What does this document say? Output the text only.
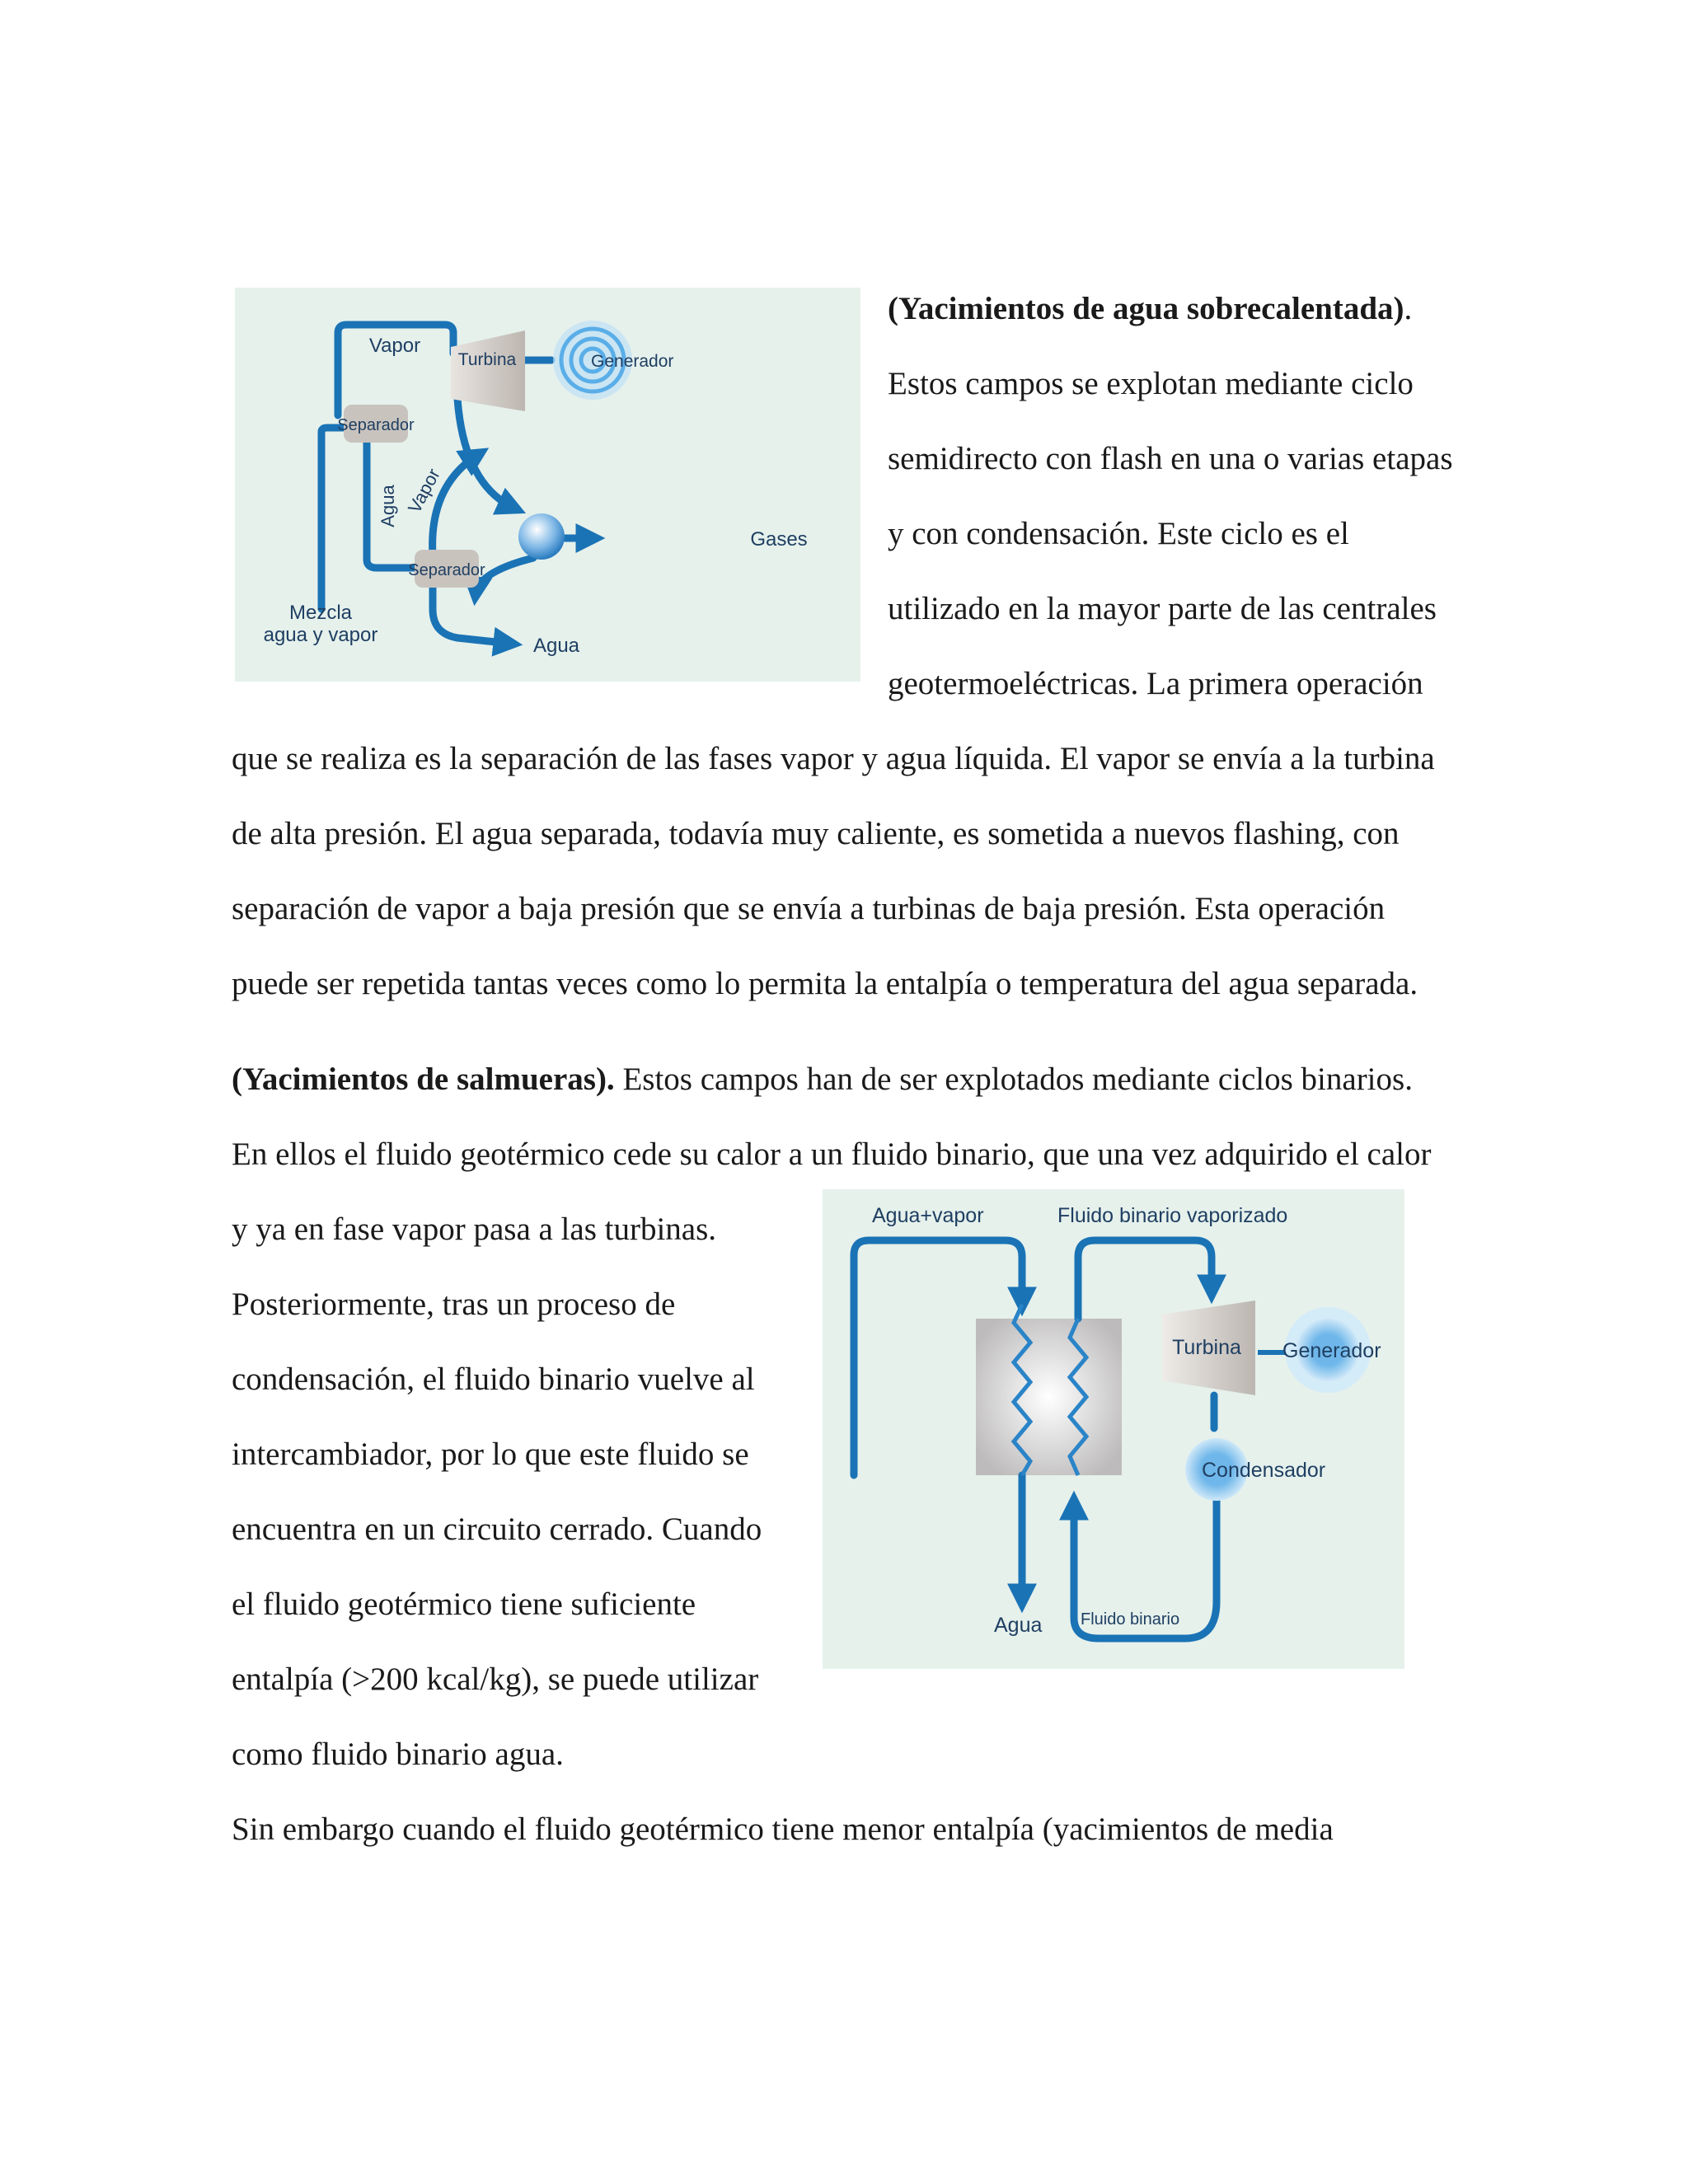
Separador
Separador
Turbina	Generador
Vapor
Agua Vapor
Gases
Mezcla
agua y vapor	Agua

(Yacimientos de agua sobrecalentada).

Estos campos se explotan mediante ciclo

semidirecto con flash en una o varias etapas

y con condensación. Este ciclo es el

utilizado en la mayor parte de las centrales

geotermoeléctricas. La primera operación

que se realiza es la separación de las fases vapor y agua líquida. El vapor se envía a la turbina

de alta presión. El agua separada, todavía muy caliente, es sometida a nuevos flashing, con

separación de vapor a baja presión que se envía a turbinas de baja presión. Esta operación

puede ser repetida tantas veces como lo permita la entalpía o temperatura del agua separada.

(Yacimientos de salmueras). Estos campos han de ser explotados mediante ciclos binarios.

En ellos el fluido geotérmico cede su calor a un fluido binario, que una vez adquirido el calor

y ya en fase vapor pasa a las turbinas.

Posteriormente, tras un proceso de

condensación, el fluido binario vuelve al

intercambiador, por lo que este fluido se

encuentra en un circuito cerrado. Cuando

el fluido geotérmico tiene suficiente

entalpía (>200 kcal/kg), se puede utilizar

como fluido binario agua.

Sin embargo cuando el fluido geotérmico tiene menor entalpía (yacimientos de media

Turbina Generador
Condensador
Agua+vapor	Fluido binario vaporizado
Agua Fluido binario
